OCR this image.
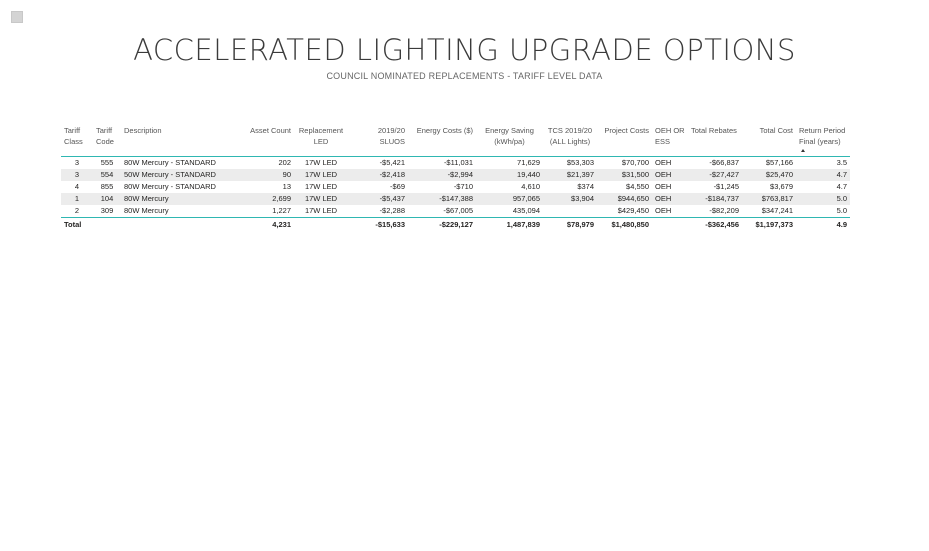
ACCELERATED LIGHTING UPGRADE OPTIONS
COUNCIL NOMINATED REPLACEMENTS - TARIFF LEVEL DATA
Tariff Class	Tariff Code	Description	Asset Count	Replacement LED	2019/20 SLUOS	Energy Costs ($)	Energy Saving (kWh/pa)	TCS 2019/20 (ALL Lights)	Project Costs	OEH OR ESS	Total Rebates	Total Cost	Return Period Final (years)

3	555	80W Mercury - STANDARD	202	17W LED	-$5,421	-$11,031	71,629	$53,303	$70,700	OEH	-$66,837	$57,166	3.5
3	554	50W Mercury - STANDARD	90	17W LED	-$2,418	-$2,994	19,440	$21,397	$31,500	OEH	-$27,427	$25,470	4.7
4	855	80W Mercury - STANDARD	13	17W LED	-$69	-$710	4,610	$374	$4,550	OEH	-$1,245	$3,679	4.7
1	104	80W Mercury	2,699	17W LED	-$5,437	-$147,388	957,065	$3,904	$944,650	OEH	-$184,737	$763,817	5.0
2	309	80W Mercury	1,227	17W LED	-$2,288	-$67,005	435,094		$429,450	OEH	-$82,209	$347,241	5.0
Total			4,231		-$15,633	-$229,127	1,487,839	$78,979	$1,480,850		-$362,456	$1,197,373	4.9
